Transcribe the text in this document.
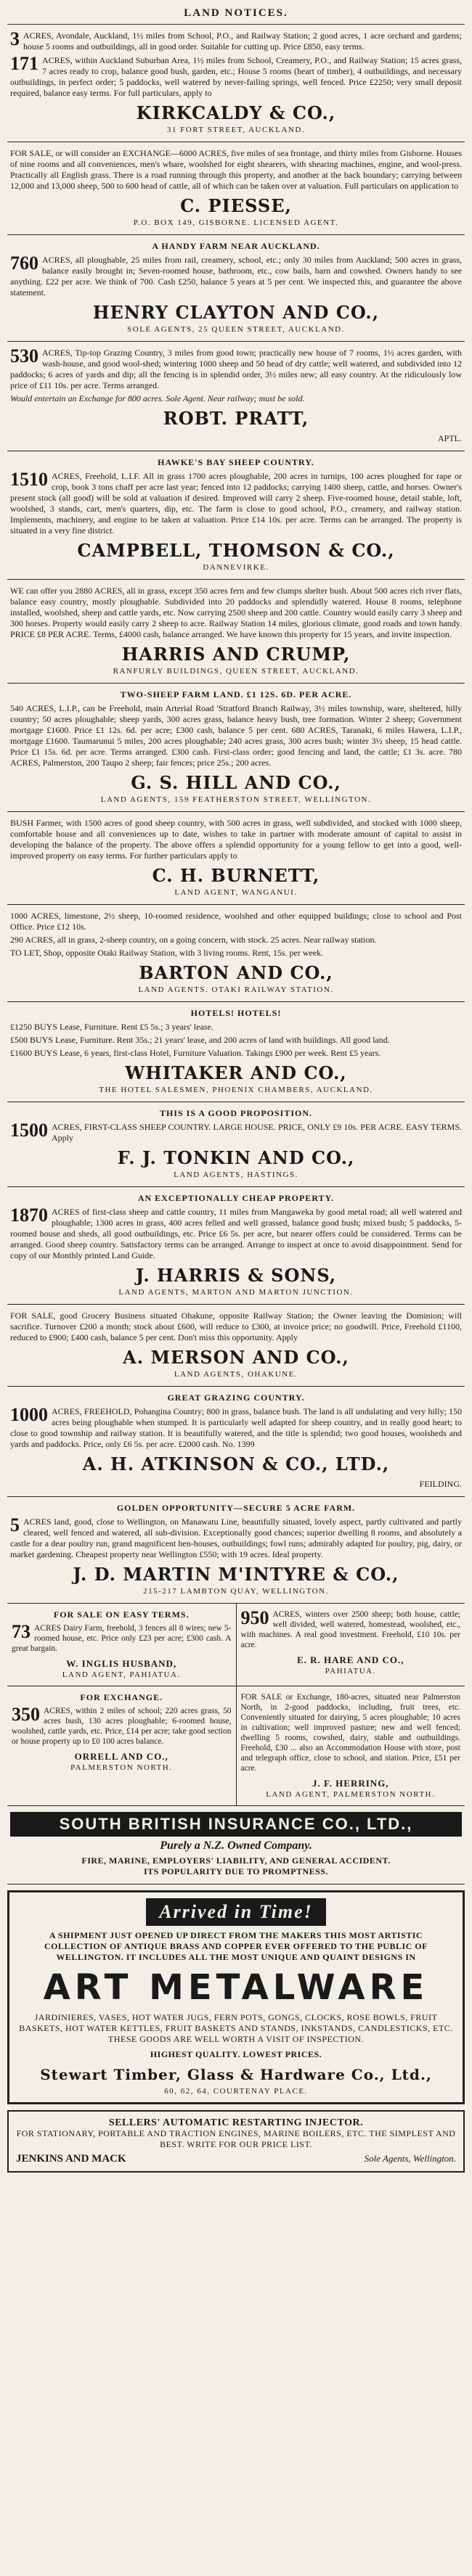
LAND NOTICES.

3 ACRES, Avondale, Auckland, 1½ miles from School, P.O., and Railway Station; 2 good acres, 1 acre orchard and gardens; house 5 rooms and outbuildings, all in good order. Suitable for cutting up. Price £850, easy terms.

171 ACRES, within Auckland Suburban Area, 1½ miles from School, Creamery, P.O., and Railway Station; 15 acres grass, 7 acres ready to crop, balance good bush, garden, etc.; House 5 rooms (heart of timber), 4 outbuildings, and necessary outbuildings, in perfect order; 5 paddocks, well watered by never-failing springs, well fenced. Price £2250; very small deposit required, balance easy terms. For full particulars, apply to

KIRKCALDY & CO.,
31 FORT STREET, AUCKLAND.

FOR SALE, or will consider an EXCHANGE—6000 ACRES, five miles of sea frontage, and thirty miles from Gisborne. Houses of nine rooms and all conveniences, men's whare, woolshed for eight shearers, with shearing machines, engine, and wool-press. Practically all English grass. There is a road running through this property, and another at the back boundary; carrying between 12,000 and 13,000 sheep, 500 to 600 head of cattle, all of which can be taken over at valuation. Full particulars on application to

C. PIESSE,
P.O. BOX 149, GISBORNE. LICENSED AGENT.
A HANDY FARM NEAR AUCKLAND.

760 ACRES, all ploughable, 25 miles from rail, creamery, school, etc.; only 30 miles from Auckland; 500 acres in grass, balance easily brought in; Seven-roomed house, bathroom, etc., cow bails, barn and cowshed. Owners handy to see anything. £22 per acre. We think of 700. Cash £250, balance 5 years at 5 per cent. We inspected this, and guarantee the above statement.

HENRY CLAYTON AND CO.,
SOLE AGENTS, 25 QUEEN STREET, AUCKLAND.

530 ACRES, Tip-top Grazing Country, 3 miles from good town; practically new house of 7 rooms, 1½ acres garden, with wash-house, and good wool-shed; wintering 1000 sheep and 50 head of dry cattle; well watered, and subdivided into 12 paddocks; 6 acres of yards and dip; all the fencing is in splendid order, 3½ miles new; all easy country. At the ridiculously low price of £11 10s. per acre. Terms arranged.

Would entertain an Exchange for 800 acres. Sole Agent. Near railway; must be sold.

ROBT. PRATT,
APTL.
HAWKE'S BAY SHEEP COUNTRY.

1510 ACRES, Freehold, L.I.F. All in grass 1700 acres ploughable, 200 acres in turnips, 100 acres ploughed for rape or crop, book 3 tons chaff per acre last year; fenced into 12 paddocks; carrying 1400 sheep, cattle, and horses. Owner's present stock (all good) will be sold at valuation if desired. Improved will carry 2 sheep. Five-roomed house, detail stable, loft, woolshed, 3 stands, cart, men's quarters, dip, etc. The farm is close to good school, P.O., creamery, and railway station. Implements, machinery, and engine to be taken at valuation. Price £14 10s. per acre. Terms can be arranged. The property is situated in a very fine district.

CAMPBELL, THOMSON & CO.,
DANNEVIRKE.

WE can offer you 2880 ACRES, all in grass, except 350 acres fern and few clumps shelter bush. About 500 acres rich river flats, balance easy country, mostly ploughable. Subdivided into 20 paddocks and splendidly watered. House 8 rooms, telephone installed, woolshed, sheep and cattle yards, etc. Now carrying 2500 sheep and 200 cattle. Country would easily carry 3 sheep and 300 horses. Property would easily carry 2 sheep to acre. Railway Station 14 miles, glorious climate, good roads and town handy. PRICE £8 PER ACRE. Terms, £4000 cash, balance arranged. We have known this property for 15 years, and invite inspection.

HARRIS AND CRUMP,
RANFURLY BUILDINGS, QUEEN STREET, AUCKLAND.
TWO-SHEEP FARM LAND. £1 12S. 6D. PER ACRE.

540 ACRES, L.I.P., can be Freehold, main Arterial Road 'Stratford Branch Railway, 3½ miles township, ware, sheltered, hilly country; 50 acres ploughable; sheep yards, 300 acres grass, balance heavy bush, tree formation. Winter 2 sheep; Government mortgage £1600. Price £1 12s. 6d. per acre; £300 cash, balance 5 per cent. 680 ACRES, Taranaki, 6 miles Hawera, L.I.P., mortgage £1600. Taumarunui 5 miles, 200 acres ploughable; 240 acres grass, 300 acres bush; winter 3½ sheep, 15 head cattle. Price £1 15s. 6d. per acre. Terms arranged. £300 cash. First-class order; good fencing and land, the cattle; £1 3s. acre. 780 ACRES, Palmerston, 200 Taupo 2 sheep; fair fences; price 25s.; 200 acres.

G. S. HILL AND CO.,
LAND AGENTS, 159 FEATHERSTON STREET, WELLINGTON.

BUSH Farmer, with 1500 acres of good sheep country, with 500 acres in grass, well subdivided, and stocked with 1000 sheep, comfortable house and all conveniences up to date, wishes to take in partner with moderate amount of capital to assist in developing the balance of the property. The above offers a splendid opportunity for a young fellow to get into a good, well-improved property on easy terms. For further particulars apply to

C. H. BURNETT,
LAND AGENT, WANGANUI.

1000 ACRES, limestone, 2½ sheep, 10-roomed residence, woolshed and other equipped buildings; close to school and Post Office. Price £12 10s.

290 ACRES, all in grass, 2-sheep country, on a going concern, with stock. 25 acres. Near railway station.

TO LET, Shop, opposite Otaki Railway Station, with 3 living rooms. Rent, 15s. per week.

BARTON AND CO.,
LAND AGENTS. OTAKI RAILWAY STATION.
HOTELS! HOTELS!

£1250 BUYS Lease, Furniture. Rent £5 5s.; 3 years' lease.

£500 BUYS Lease, Furniture. Rent 35s.; 21 years' lease, and 200 acres of land with buildings. All good land.

£1600 BUYS Lease, 6 years, first-class Hotel, Furniture Valuation. Takings £900 per week. Rent £5 years.

WHITAKER AND CO.,
THE HOTEL SALESMEN, PHOENIX CHAMBERS, AUCKLAND.
THIS IS A GOOD PROPOSITION.

1500 ACRES, FIRST-CLASS SHEEP COUNTRY. LARGE HOUSE. PRICE, ONLY £9 10s. PER ACRE. EASY TERMS. Apply

F. J. TONKIN AND CO.,
LAND AGENTS, HASTINGS.
AN EXCEPTIONALLY CHEAP PROPERTY.

1870 ACRES of first-class sheep and cattle country, 11 miles from Mangaweka by good metal road; all well watered and ploughable; 1300 acres in grass, 400 acres felled and well grassed, balance good bush; mixed bush; 5 paddocks, 5-roomed house and sheds, all good outbuildings, etc. Price £6 5s. per acre, but nearer offers could be considered. Terms can be arranged. Good sheep country. Satisfactory terms can be arranged. Arrange to inspect at once to avoid disappointment. Send for copy of our Monthly printed Land Guide.

J. HARRIS & SONS,
LAND AGENTS, MARTON AND MARTON JUNCTION.

FOR SALE, good Grocery Business situated Ohakune, opposite Railway Station; the Owner leaving the Dominion; will sacrifice. Turnover £200 a month; stock about £600, will reduce to £300, at invoice price; no goodwill. Price, Freehold £1100, reduced to £900; £400 cash, balance 5 per cent. Don't miss this opportunity. Apply

A. MERSON AND CO.,
LAND AGENTS, OHAKUNE.
GREAT GRAZING COUNTRY.

1000 ACRES, FREEHOLD, Pohangina Country; 800 in grass, balance bush. The land is all undulating and very hilly; 150 acres being ploughable when stumped. It is particularly well adapted for sheep country, and in really good heart; to close to good township and railway station. It is beautifully watered, and the title is splendid; two good houses, woolsheds and yards and paddocks. Price, only £6 5s. per acre. £2000 cash. No. 1399

A. H. ATKINSON & CO., LTD.,
FEILDING.
GOLDEN OPPORTUNITY—SECURE 5 ACRE FARM.

5 ACRES land, good, close to Wellington, on Manawatu Line, beautifully situated, lovely aspect, partly cultivated and partly cleared, well fenced and watered, all sub-division. Exceptionally good chances; superior dwelling 8 rooms, and absolutely a castle for a dear poultry run, grand magnificent hen-houses, outbuildings; fowl runs; admirably adapted for poultry, pig, dairy, or market gardening. Cheapest property near Wellington £550; with 19 acres. Ideal property.

J. D. MARTIN M'INTYRE & CO.,
215-217 LAMBTON QUAY, WELLINGTON.
FOR SALE ON EASY TERMS.

73 ACRES Dairy Farm, freehold, 3 fences all 8 wires; new 5-roomed house, etc. Price only £23 per acre; £300 cash. A great bargain.

W. INGLIS HUSBAND,
LAND AGENT, PAHIATUA.

950 ACRES, winters over 2500 sheep; both house, cattle; well divided, well watered, homestead, woolshed, etc., with machines. A real good investment. Freehold, £10 10s. per acre.

E. R. HARE AND CO.,
PAHIATUA.
FOR EXCHANGE.

350 ACRES, within 2 miles of school; 220 acres grass, 50 acres bush, 130 acres ploughable; 6-roomed house, woolshed, cattle yards, etc. Price, £14 per acre; take good section or house property up to £0 100 acres balance.

ORRELL AND CO.,
PALMERSTON NORTH.

FOR SALE or Exchange, 180-acres, situated near Palmerston North, in 2-good paddocks, including, fruit trees, etc. Conveniently situated for dairying, 5 acres ploughable; 10 acres in cultivation; well improved pasture; new and well fenced; dwelling 5 rooms, cowshed, dairy, stable and outbuildings. Freehold, £30 ... also an Accommodation House with store, post and telegraph office, close to school, and station. Price, £51 per acre.

J. F. HERRING,
LAND AGENT, PALMERSTON NORTH.
SOUTH BRITISH INSURANCE CO., LTD.,
Purely a N.Z. Owned Company.
FIRE, MARINE, EMPLOYERS' LIABILITY, AND GENERAL ACCIDENT.
ITS POPULARITY DUE TO PROMPTNESS.
Arrived in Time!
A SHIPMENT JUST OPENED UP DIRECT FROM THE MAKERS THIS MOST ARTISTIC COLLECTION OF ANTIQUE BRASS AND COPPER EVER OFFERED TO THE PUBLIC OF WELLINGTON. IT INCLUDES ALL THE MOST UNIQUE AND QUAINT DESIGNS IN
ART METALWARE
JARDINIERES, VASES, HOT WATER JUGS, FERN POTS, GONGS, CLOCKS, ROSE BOWLS, FRUIT BASKETS, HOT WATER KETTLES, FRUIT BASKETS AND STANDS, INKSTANDS, CANDLESTICKS, ETC. THESE GOODS ARE WELL WORTH A VISIT OF INSPECTION.
HIGHEST QUALITY. LOWEST PRICES.
Stewart Timber, Glass & Hardware Co., Ltd.,
60, 62, 64, COURTENAY PLACE.
SELLERS' AUTOMATIC RESTARTING INJECTOR.
FOR STATIONARY, PORTABLE AND TRACTION ENGINES, MARINE BOILERS, ETC. THE SIMPLEST AND BEST. WRITE FOR OUR PRICE LIST.
JENKINS AND MACK	Sole Agents, Wellington.
